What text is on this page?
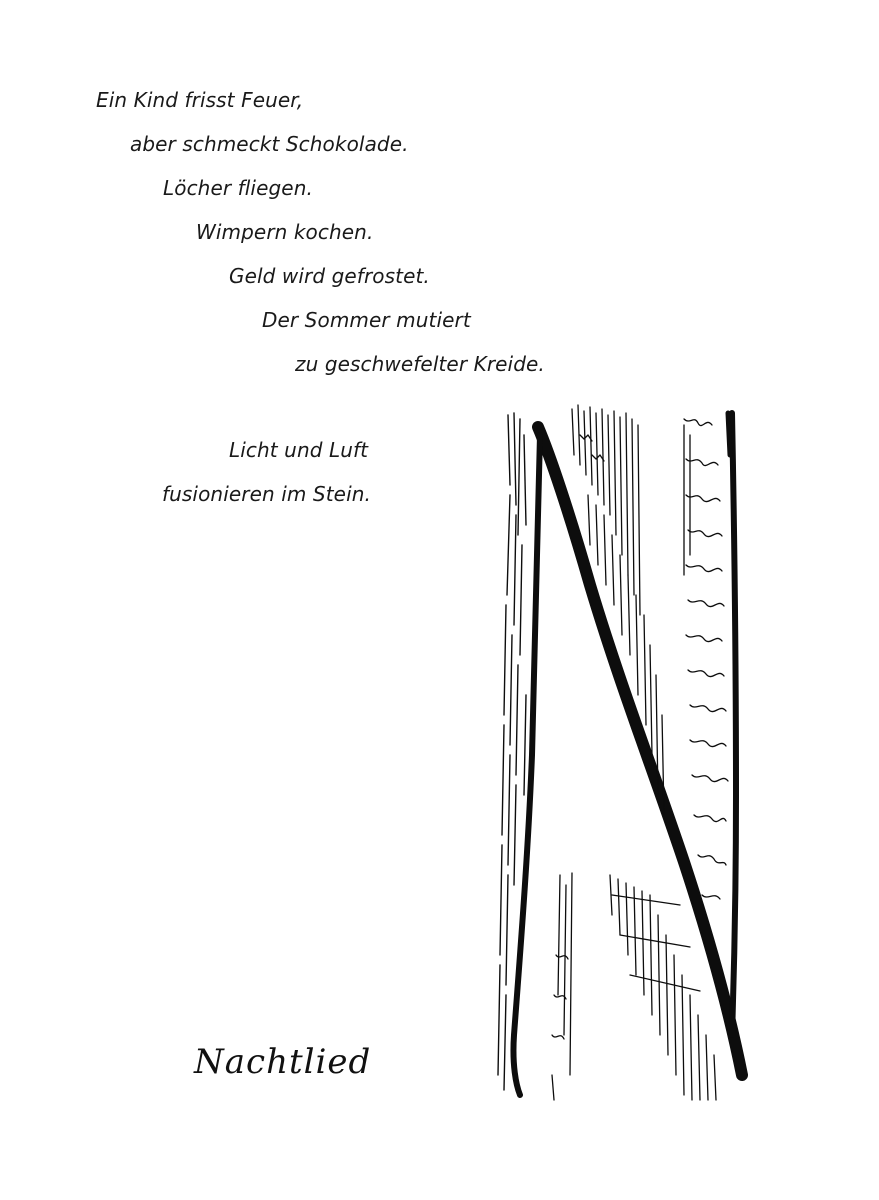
Ein Kind frisst Feuer,
aber schmeckt Schokolade.
Löcher fliegen.
Wimpern kochen.
Geld wird gefrostet.
Der Sommer mutiert
zu geschwefelter Kreide.
Licht und Luft
fusionieren im Stein.
Nachtlied
